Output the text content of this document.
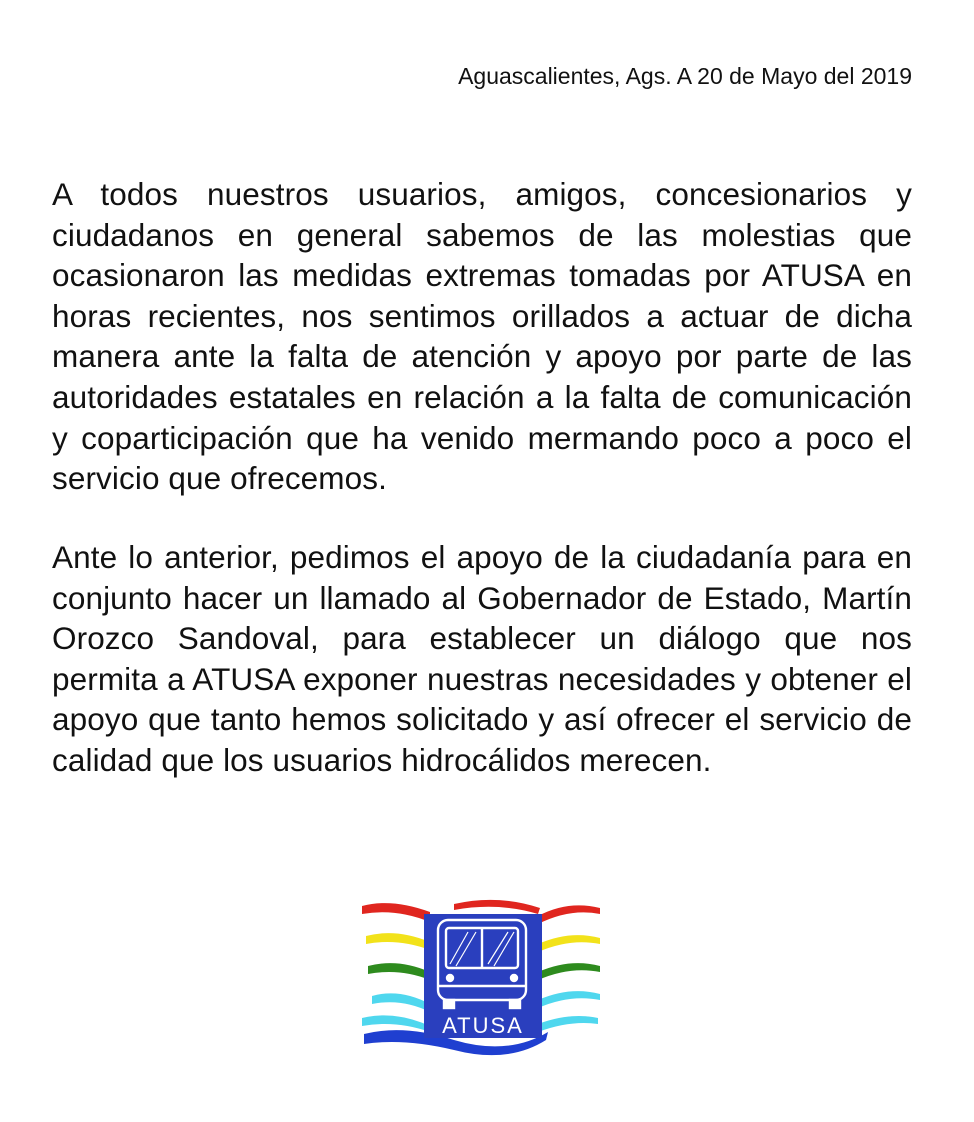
Aguascalientes, Ags. A 20 de Mayo del 2019

A todos nuestros usuarios, amigos, concesionarios y ciudadanos en general sabemos de las molestias que ocasionaron las medidas extremas tomadas por ATUSA en horas recientes, nos sentimos orillados a actuar de dicha manera ante la falta de atención y apoyo por parte de las autoridades estatales en relación a la falta de comunicación y coparticipación que ha venido mermando poco a poco el servicio que ofrecemos.

Ante lo anterior, pedimos el apoyo de la ciudadanía para en conjunto hacer un llamado al Gobernador de Estado, Martín Orozco Sandoval, para establecer un diálogo que nos permita a ATUSA exponer nuestras necesidades y obtener el apoyo que tanto hemos solicitado y así ofrecer el servicio de calidad que los usuarios hidrocálidos merecen.

ATUSA
